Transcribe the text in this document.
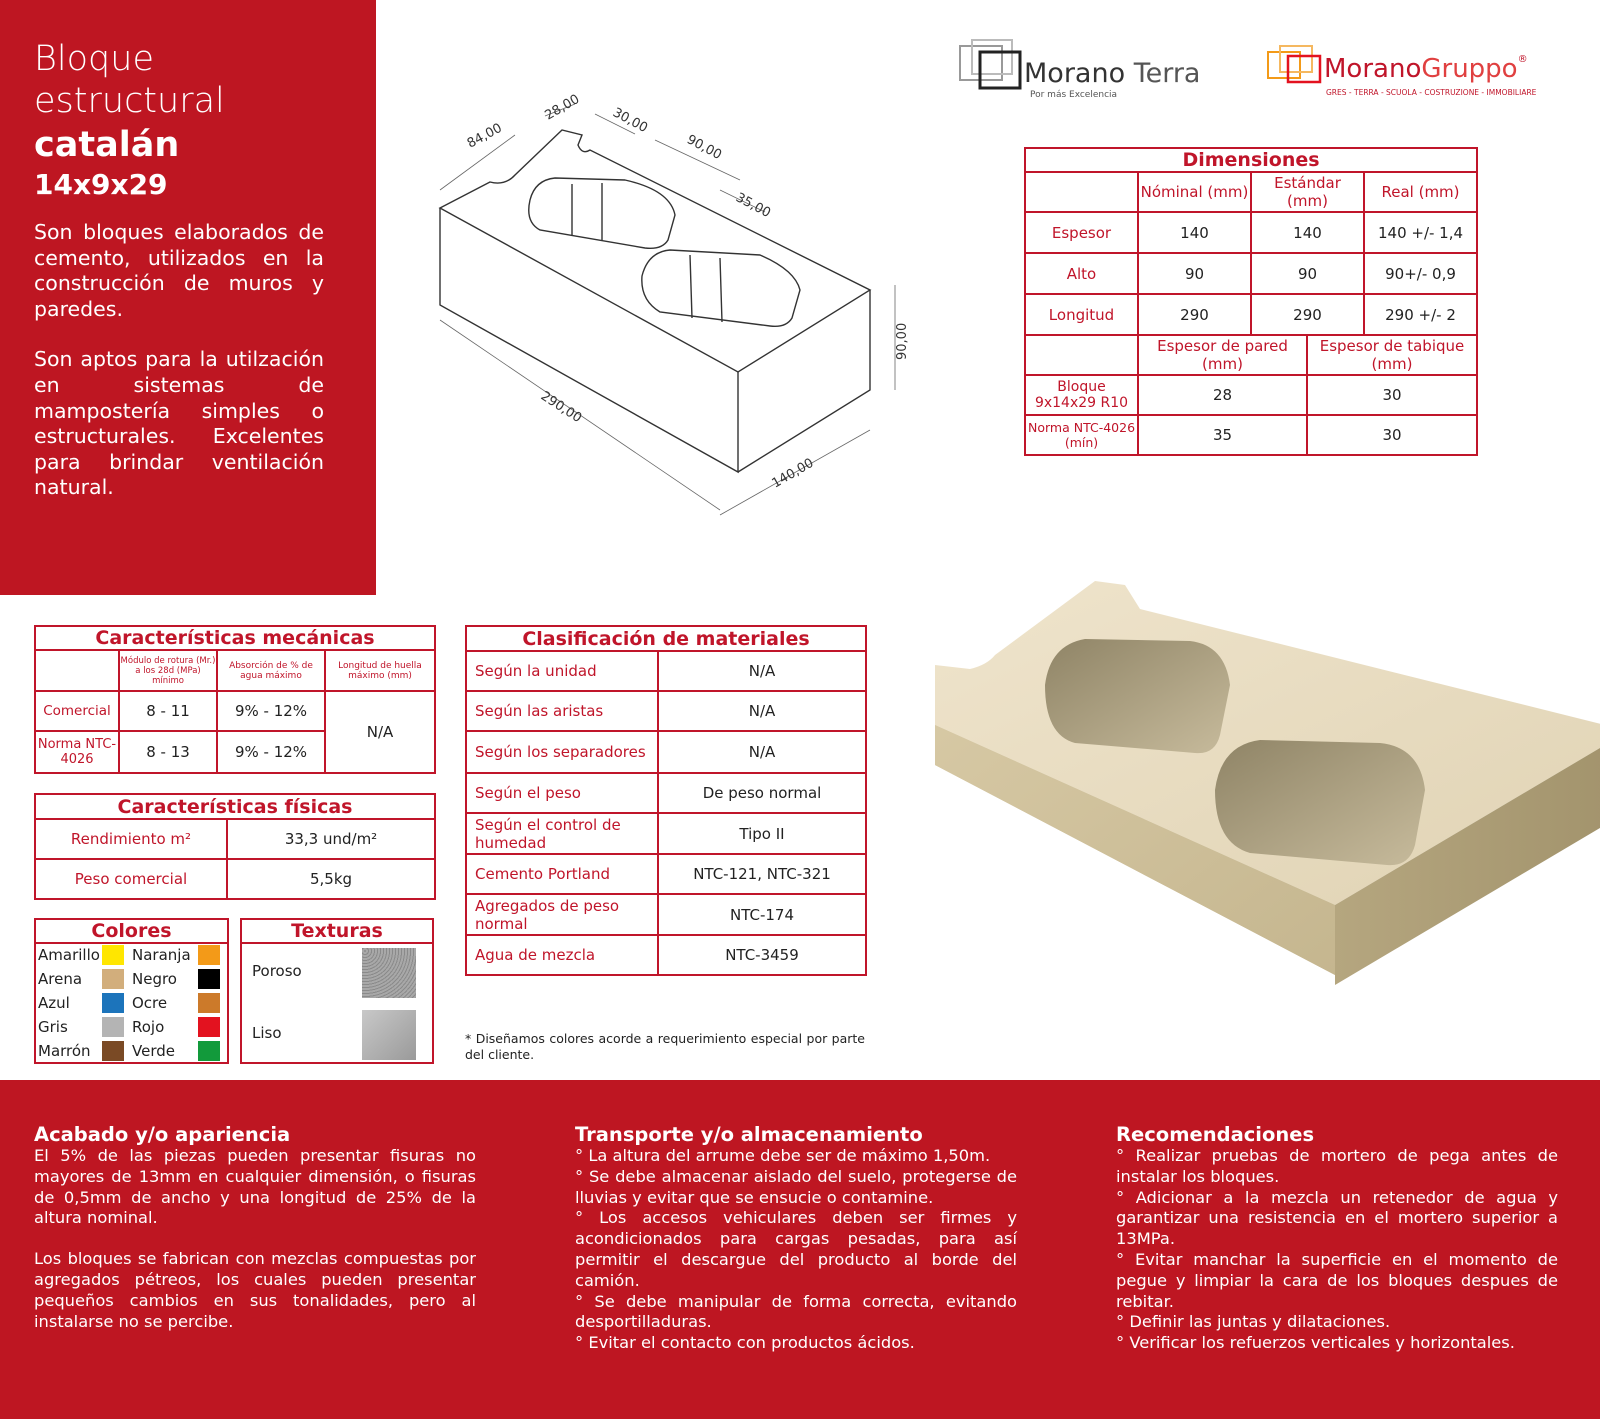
Bloque estructural
catalán
14x9x29

Son bloques elaborados de cemento, utilizados en la construcción de muros y paredes.

Son aptos para la utilzación en sistemas de mampostería simples o estructurales. Excelentes para brindar ventilación natural.

84,00
28,00 30,00
90,00
35,00
90,00
290,00
140,00
Morano Terra
Por más Excelencia
MoranoGruppo®
GRES - TERRA - SCUOLA - COSTRUZIONE - IMMOBILIARE
Dimensiones			
	Nóminal (mm)	Estándar (mm)	Real (mm)
Espesor	140	140	140 +/- 1,4
Alto	90	90	90+/- 0,9
Longitud	290	290	290 +/- 2
	Espesor de pared (mm)	Espesor de tabique (mm)
Bloque 9x14x29 R10	28	30
Norma NTC-4026 (mín)	35	30
Características mecánicas			
	Módulo de rotura (Mr.) a los 28d (MPa) mínimo	Absorción de % de agua máximo	Longitud de huella máximo (mm)
Comercial	8 - 11	9% - 12%	N/A
Norma NTC-4026	8 - 13	9% - 12%	
Características físicas	
Rendimiento m²	33,3 und/m²
Peso comercial	5,5kg
Colores
Amarillo
Arena
Azul
Gris
Marrón
Naranja
Negro
Ocre
Rojo
Verde
Texturas
Poroso
Liso
Clasificación de materiales	
Según la unidad	N/A
Según las aristas	N/A
Según los separadores	N/A
Según el peso	De peso normal
Según el control de humedad	Tipo II
Cemento Portland	NTC-121, NTC-321
Agregados de peso normal	NTC-174
Agua de mezcla	NTC-3459
* Diseñamos colores acorde a requerimiento especial por parte del cliente.
Acabado y/o apariencia

El 5% de las piezas pueden presentar fisuras no mayores de 13mm en cualquier dimensión, o fisuras de 0,5mm de ancho y una longitud de 25% de la altura nominal.

Los bloques se fabrican con mezclas compuestas por agregados pétreos, los cuales pueden presentar pequeños cambios en sus tonalidades, pero al instalarse no se percibe.

Transporte y/o almacenamiento

° La altura del arrume debe ser de máximo 1,50m.

° Se debe almacenar aislado del suelo, protegerse de lluvias y evitar que se ensucie o contamine.

° Los accesos vehiculares deben ser firmes y acondicionados para cargas pesadas, para así permitir el descargue del producto al borde del camión.

° Se debe manipular de forma correcta, evitando desportilladuras.

° Evitar el contacto con productos ácidos.

Recomendaciones

° Realizar pruebas de mortero de pega antes de instalar los bloques.

° Adicionar a la mezcla un retenedor de agua y garantizar una resistencia en el mortero superior a 13MPa.

° Evitar manchar la superficie en el momento de pegue y limpiar la cara de los bloques despues de rebitar.

° Definir las juntas y dilataciones.

° Verificar los refuerzos verticales y horizontales.
